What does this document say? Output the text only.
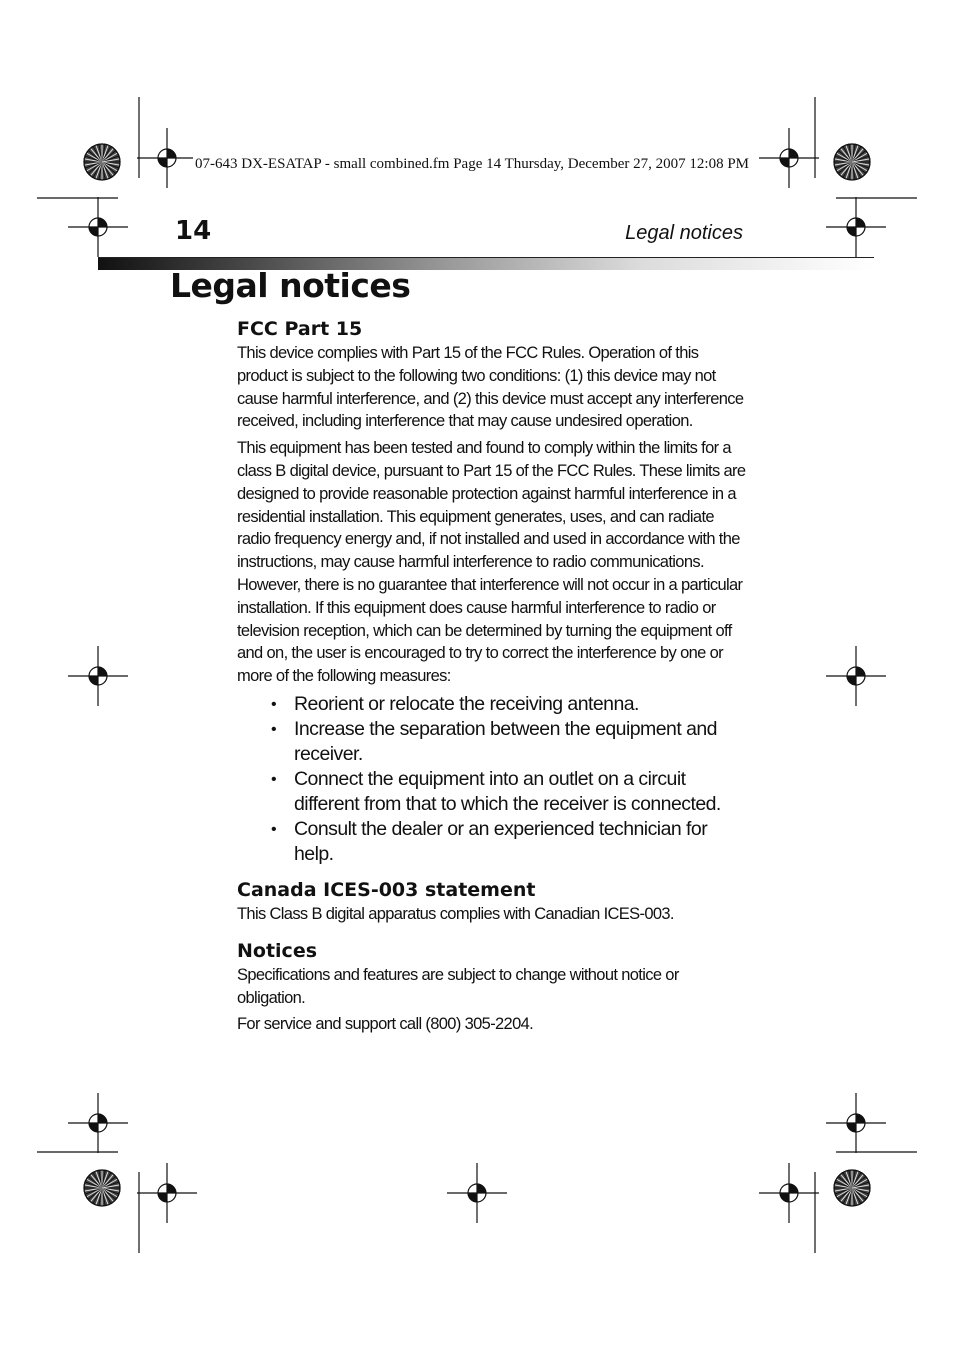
07-643 DX-ESATAP - small combined.fm Page 14 Thursday, December 27, 2007 12:08 PM
14	Legal notices
Legal notices
FCC Part 15

This device complies with Part 15 of the FCC Rules. Operation of this product is subject to the following two conditions: (1) this device may not cause harmful interference, and (2) this device must accept any interference received, including interference that may cause undesired operation.

This equipment has been tested and found to comply within the limits for a class B digital device, pursuant to Part 15 of the FCC Rules. These limits are designed to provide reasonable protection against harmful interference in a residential installation. This equipment generates, uses, and can radiate radio frequency energy and, if not installed and used in accordance with the instructions, may cause harmful interference to radio communications. However, there is no guarantee that interference will not occur in a particular installation. If this equipment does cause harmful interference to radio or television reception, which can be determined by turning the equipment off and on, the user is encouraged to try to correct the interference by one or more of the following measures:

• Reorient or relocate the receiving antenna.
• Increase the separation between the equipment and receiver.
• Connect the equipment into an outlet on a circuit different from that to which the receiver is connected.
• Consult the dealer or an experienced technician for help.
Canada ICES-003 statement

This Class B digital apparatus complies with Canadian ICES-003.

Notices

Specifications and features are subject to change without notice or obligation.

For service and support call (800) 305-2204.
